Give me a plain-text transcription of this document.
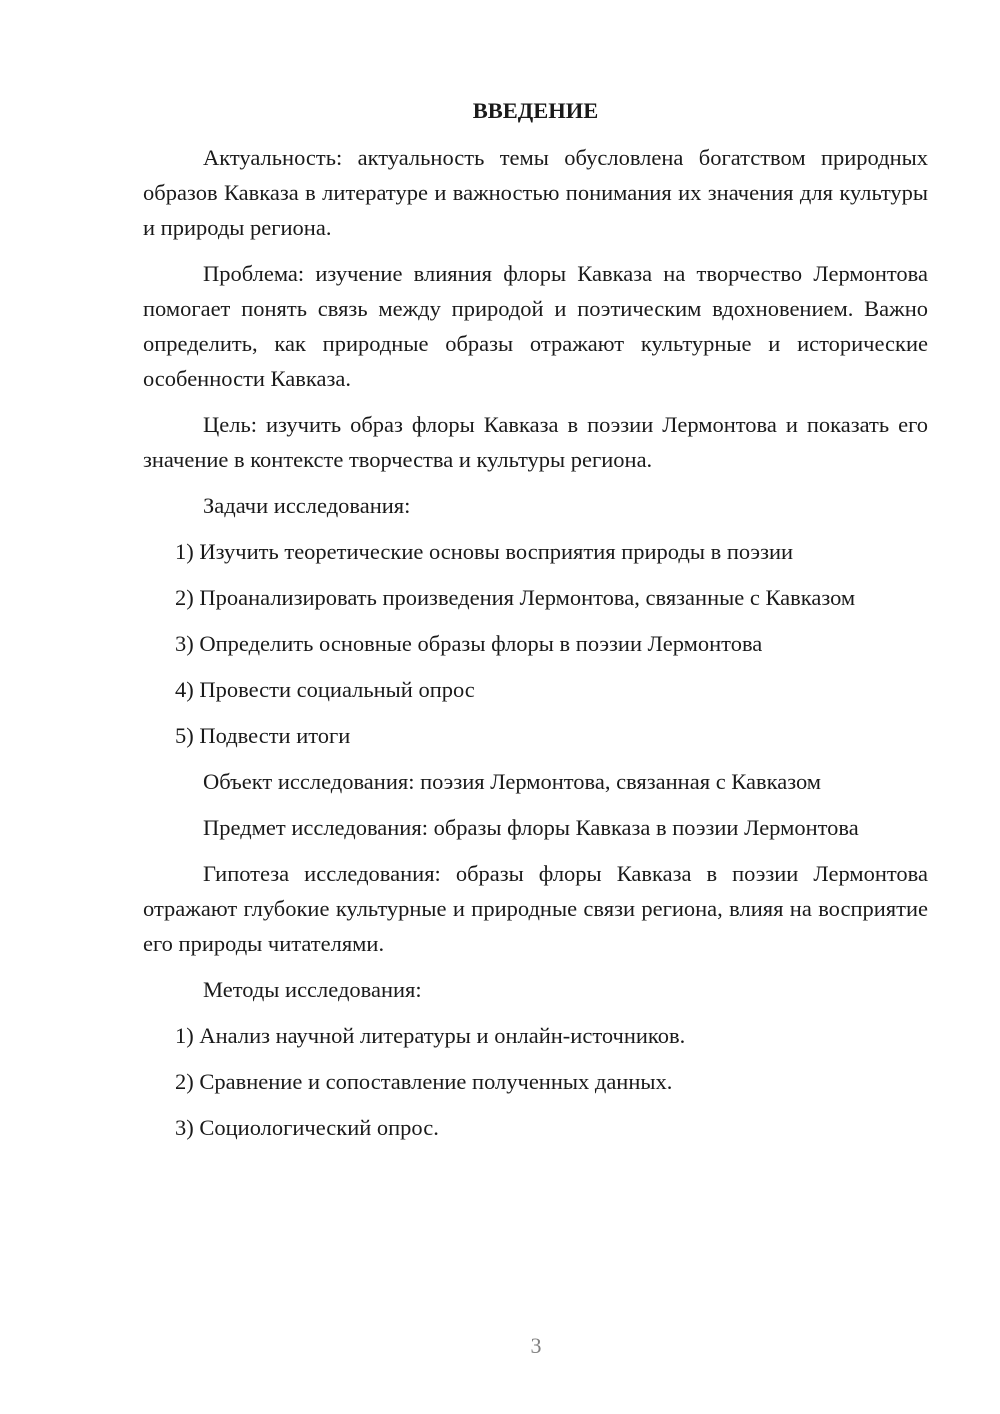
ВВЕДЕНИЕ
Актуальность: актуальность темы обусловлена богатством природных образов Кавказа в литературе и важностью понимания их значения для культуры и природы региона.
Проблема: изучение влияния флоры Кавказа на творчество Лермонтова помогает понять связь между природой и поэтическим вдохновением. Важно определить, как природные образы отражают культурные и исторические особенности Кавказа.
Цель: изучить образ флоры Кавказа в поэзии Лермонтова и показать его значение в контексте творчества и культуры региона.
Задачи исследования:
1) Изучить теоретические основы восприятия природы в поэзии
2) Проанализировать произведения Лермонтова, связанные с Кавказом
3) Определить основные образы флоры в поэзии Лермонтова
4) Провести социальный опрос
5) Подвести итоги
Объект исследования: поэзия Лермонтова, связанная с Кавказом
Предмет исследования: образы флоры Кавказа в поэзии Лермонтова
Гипотеза исследования: образы флоры Кавказа в поэзии Лермонтова отражают глубокие культурные и природные связи региона, влияя на восприятие его природы читателями.
Методы исследования:
1) Анализ научной литературы и онлайн-источников.
2) Сравнение и сопоставление полученных данных.
3) Социологический опрос.
3
